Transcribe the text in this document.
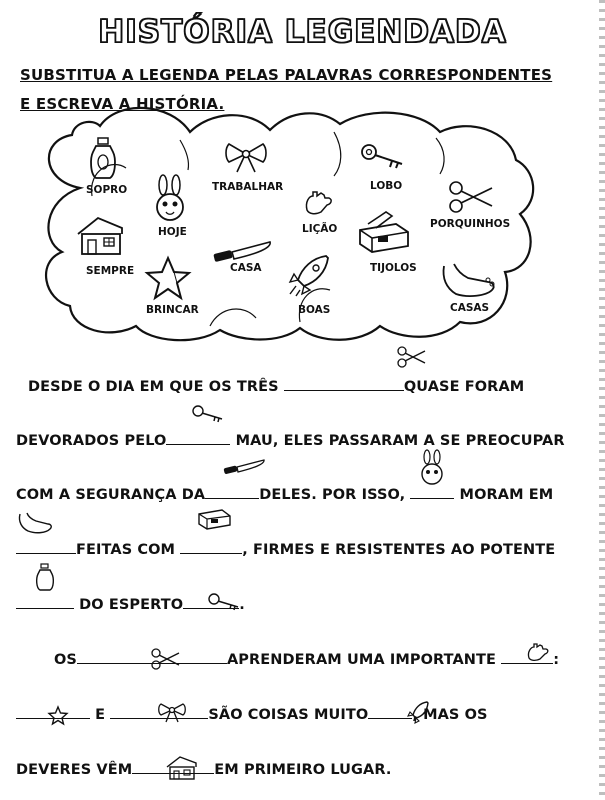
HISTÓRIA LEGENDADA
SUBSTITUA A LEGENDA PELAS PALAVRAS CORRESPONDENTES
E ESCREVA A HISTÓRIA.
SOPRO
HOJE
TRABALHAR	LOBO
LIÇÃO	PORQUINHOS
SEMPRE	CASA	TIJOLOS
BRINCAR	BOAS	CASAS
DESDE O DIA EM QUE OS TRÊS	QUASE FORAM
DEVORADOS PELO	MAU, ELES PASSARAM A SE PREOCUPAR
COM A SEGURANÇA DA	DELES. POR ISSO,	MORAM EM
FEITAS COM	, FIRMES E RESISTENTES AO POTENTE
DO ESPERTO	.
OS	APRENDERAM UMA IMPORTANTE	:
E	SÃO COISAS MUITO	, MAS OS
DEVERES VÊM	EM PRIMEIRO LUGAR.
